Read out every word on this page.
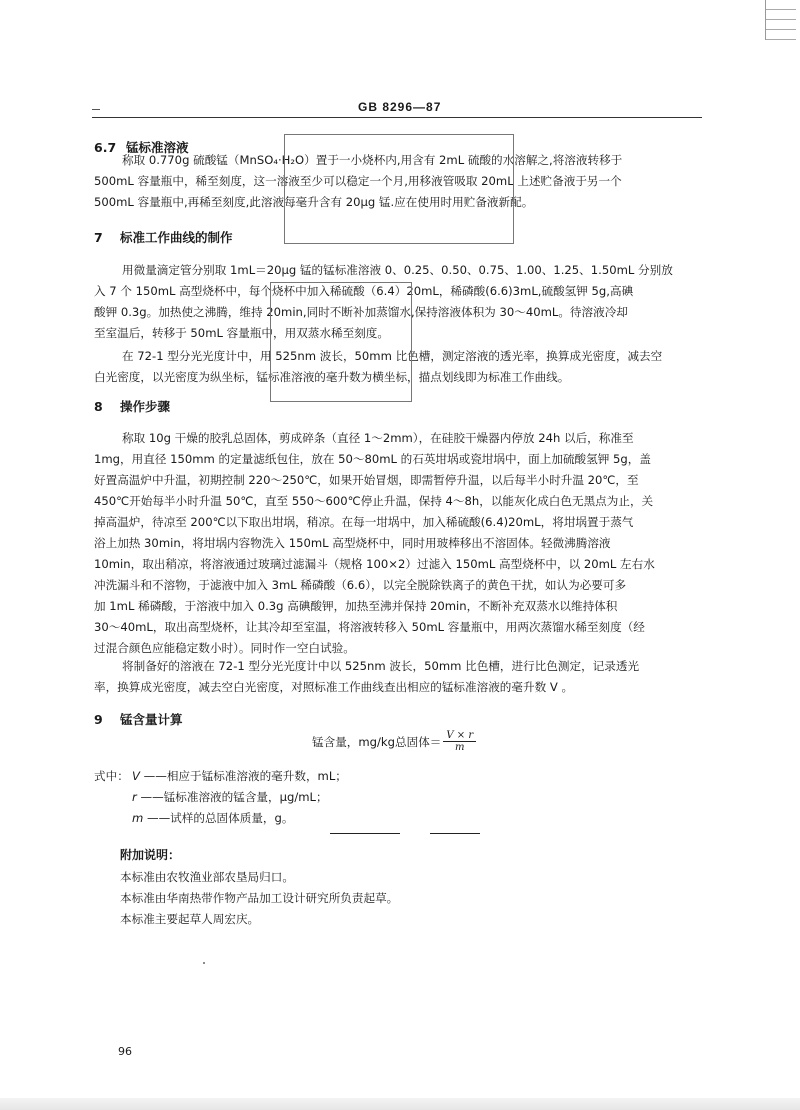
GB 8296—87
6.7 锰标准溶液
称取 0.770g 硫酸锰（MnSO₄·H₂O）置于一小烧杯内,用含有 2mL 硫酸的水溶解之,将溶液转移于
500mL 容量瓶中，稀至刻度，这一溶液至少可以稳定一个月,用移液管吸取 20mL 上述贮备液于另一个
500mL 容量瓶中,再稀至刻度,此溶液每毫升含有 20μg 锰.应在使用时用贮备液新配。
7 标准工作曲线的制作
用微量滴定管分别取 1mL＝20μg 锰的锰标准溶液 0、0.25、0.50、0.75、1.00、1.25、1.50mL 分别放
入 7 个 150mL 高型烧杯中，每个烧杯中加入稀硫酸（6.4）20mL，稀磷酸(6.6)3mL,硫酸氢钾 5g,高碘
酸钾 0.3g。加热使之沸腾，维持 20min,同时不断补加蒸馏水,保持溶液体积为 30～40mL。待溶液冷却
至室温后，转移于 50mL 容量瓶中，用双蒸水稀至刻度。
在 72-1 型分光光度计中，用 525nm 波长，50mm 比色槽，测定溶液的透光率，换算成光密度，减去空
白光密度，以光密度为纵坐标，锰标准溶液的毫升数为横坐标，描点划线即为标准工作曲线。
8 操作步骤
称取 10g 干燥的胶乳总固体，剪成碎条（直径 1～2mm），在硅胶干燥器内停放 24h 以后，称准至
1mg，用直径 150mm 的定量滤纸包住，放在 50～80mL 的石英坩埚或瓷坩埚中，面上加硫酸氢钾 5g，盖
好置高温炉中升温，初期控制 220～250℃，如果开始冒烟，即需暂停升温，以后每半小时升温 20℃，至
450℃开始每半小时升温 50℃，直至 550～600℃停止升温，保持 4～8h，以能灰化成白色无黑点为止，关
掉高温炉，待凉至 200℃以下取出坩埚，稍凉。在每一坩埚中，加入稀硫酸(6.4)20mL，将坩埚置于蒸气
浴上加热 30min，将坩埚内容物洗入 150mL 高型烧杯中，同时用玻棒移出不溶固体。轻微沸腾溶液
10min，取出稍凉，将溶液通过玻璃过滤漏斗（规格 100×2）过滤入 150mL 高型烧杯中，以 20mL 左右水
冲洗漏斗和不溶物，于滤液中加入 3mL 稀磷酸（6.6），以完全脱除铁离子的黄色干扰，如认为必要可多
加 1mL 稀磷酸，于溶液中加入 0.3g 高碘酸钾，加热至沸并保持 20min，不断补充双蒸水以维持体积
30～40mL，取出高型烧杯，让其冷却至室温，将溶液转移入 50mL 容量瓶中，用两次蒸馏水稀至刻度（经
过混合颜色应能稳定数小时）。同时作一空白试验。
将制备好的溶液在 72-1 型分光光度计中以 525nm 波长，50mm 比色槽，进行比色测定，记录透光
率，换算成光密度，减去空白光密度，对照标准工作曲线查出相应的锰标准溶液的毫升数 V 。
9 锰含量计算
锰含量，mg/kg总固体＝ $\frac{V \times r}{m}$
式中： V ——相应于锰标准溶液的毫升数，mL；
r ——锰标准溶液的锰含量，μg/mL；
m ——试样的总固体质量，g。
附加说明：
本标准由农牧渔业部农垦局归口。
本标准由华南热带作物产品加工设计研究所负责起草。
本标准主要起草人周宏庆。
96
